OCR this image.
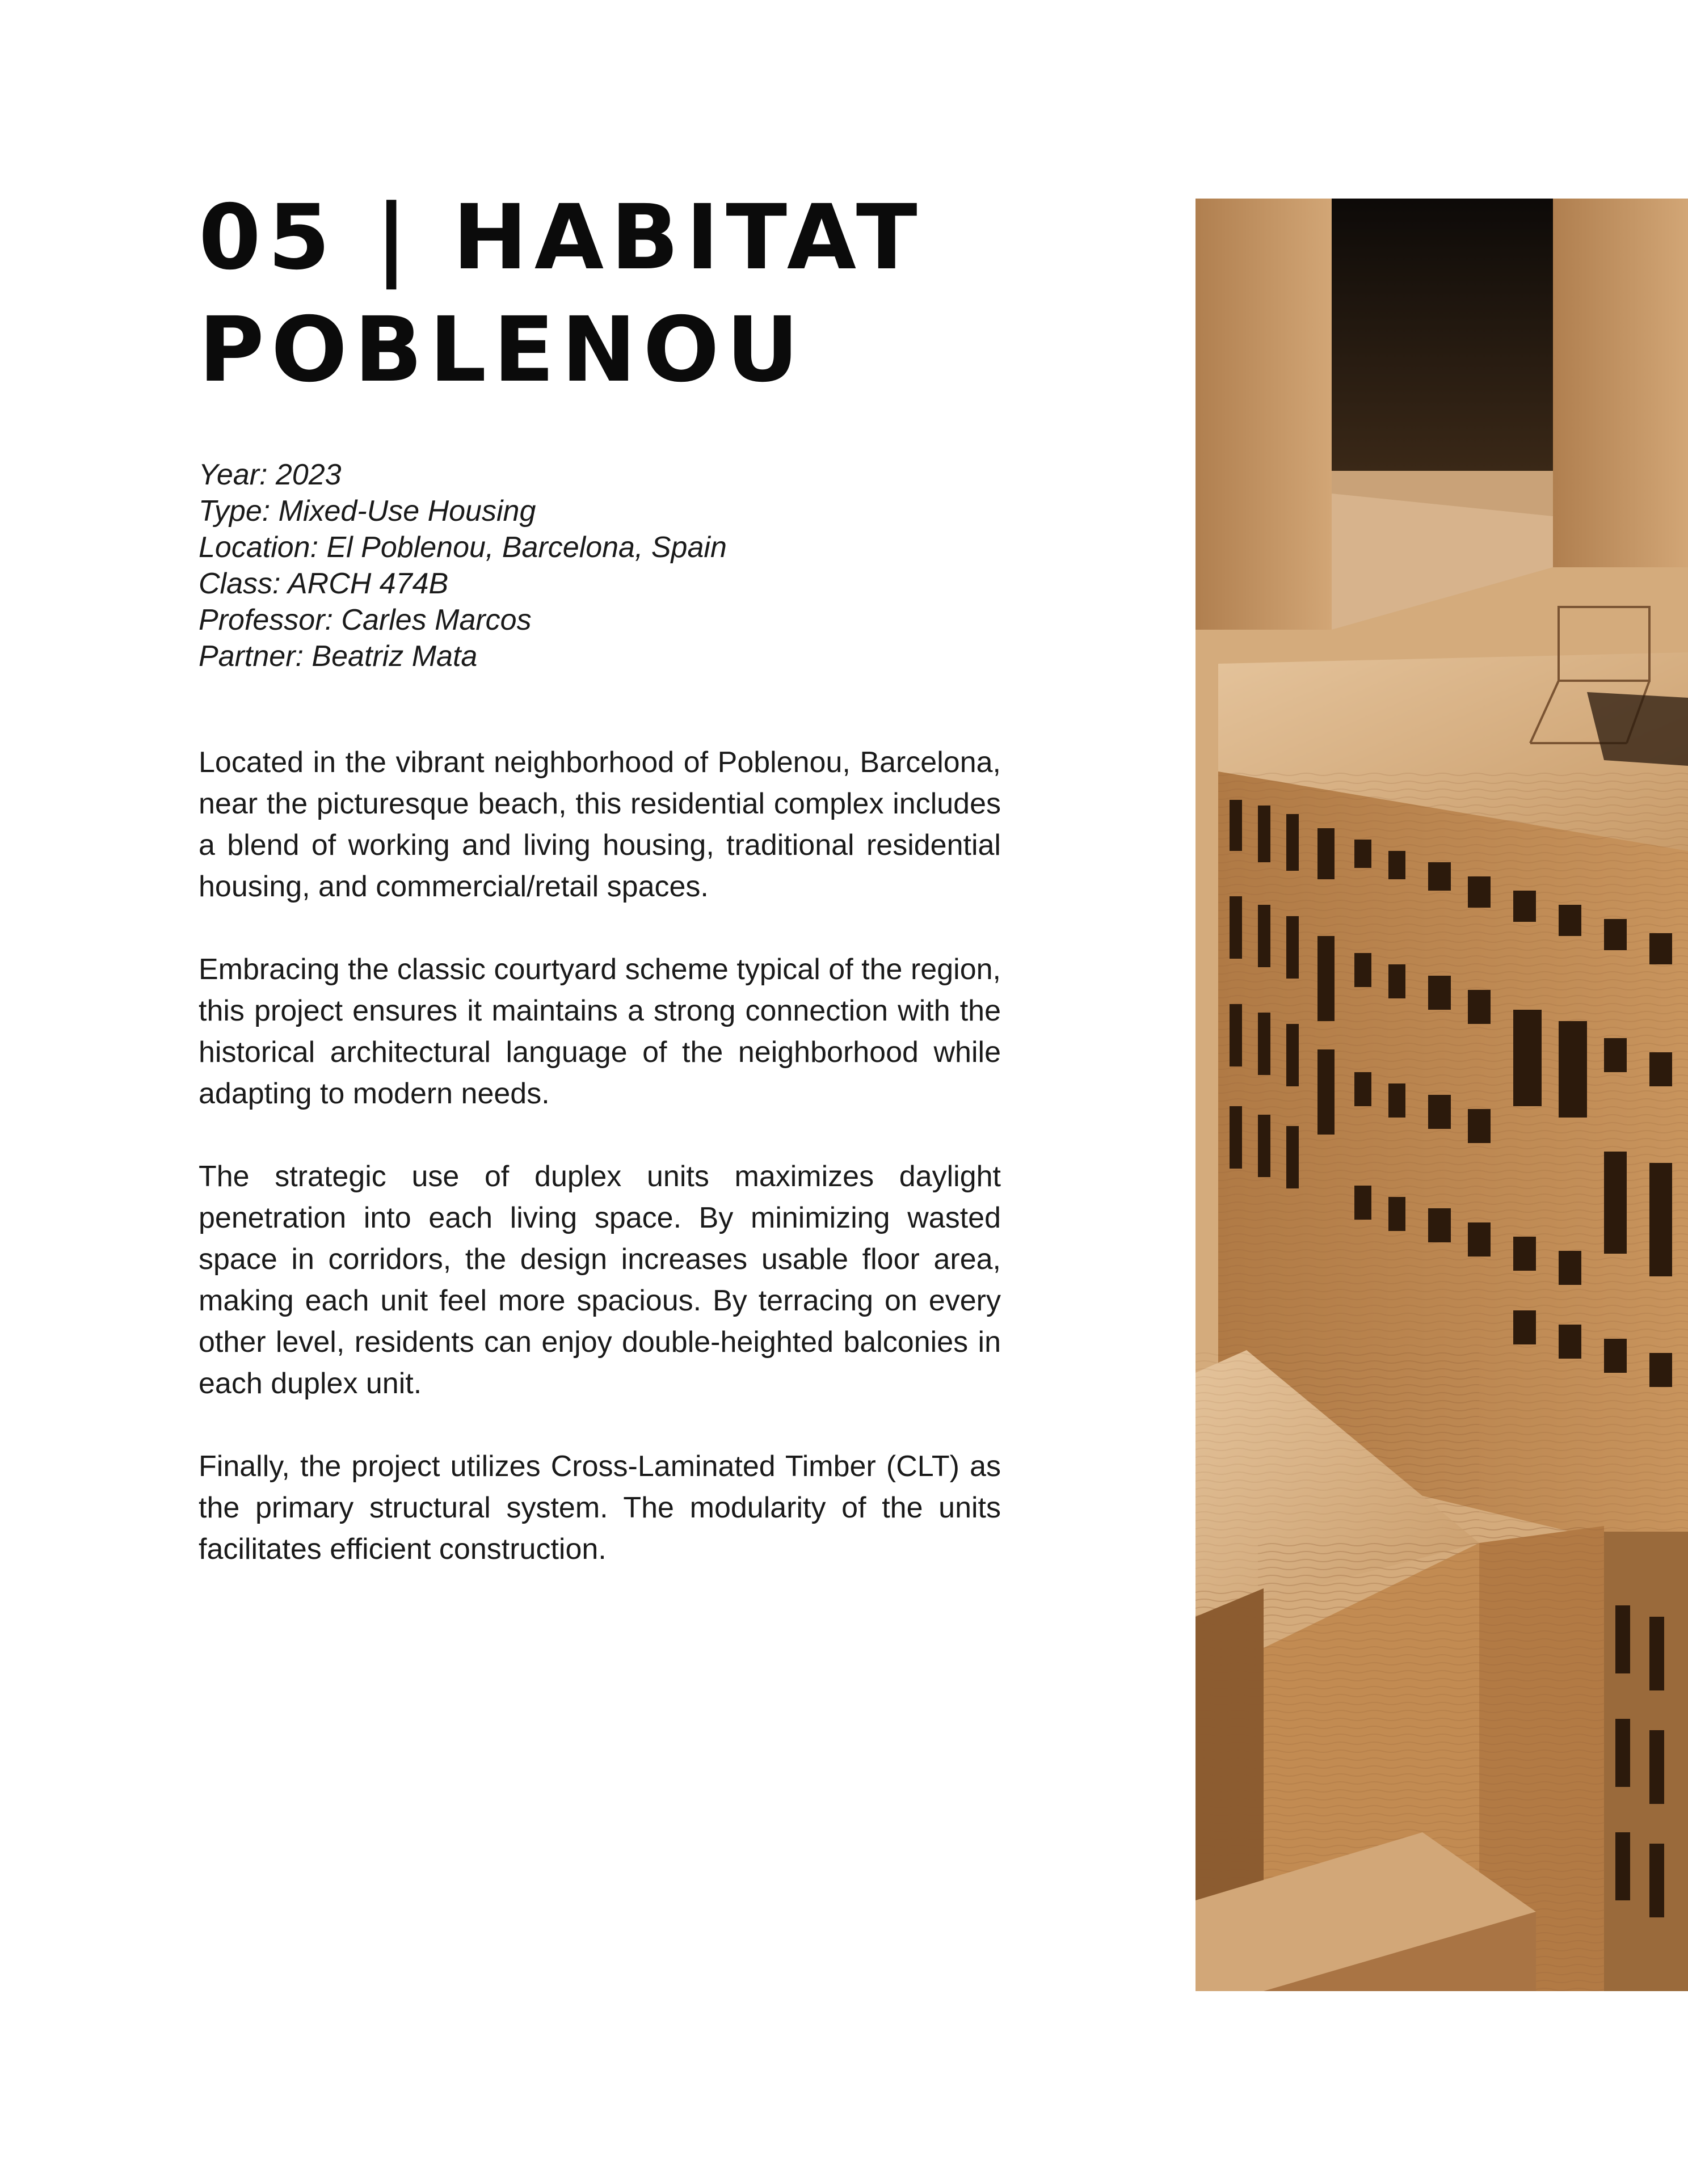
05 | HABITAT
POBLENOU
Year: 2023
Type: Mixed-Use Housing
Location: El Poblenou, Barcelona, Spain
Class: ARCH 474B
Professor: Carles Marcos
Partner: Beatriz Mata

Located in the vibrant neighborhood of Poblenou, Barcelona, near the picturesque beach, this residential complex includes a blend of working and living housing, traditional residential housing, and commercial/retail spaces.

Embracing the classic courtyard scheme typical of the region, this project ensures it maintains a strong connection with the historical architectural language of the neighborhood while adapting to modern needs.

The strategic use of duplex units maximizes daylight penetration into each living space. By minimizing wasted space in corridors, the design increases usable floor area, making each unit feel more spacious. By terracing on every other level, residents can enjoy double-heighted balconies in each duplex unit.

Finally, the project utilizes Cross-Laminated Timber (CLT) as the primary structural system. The modularity of the units facilitates efficient construction.
